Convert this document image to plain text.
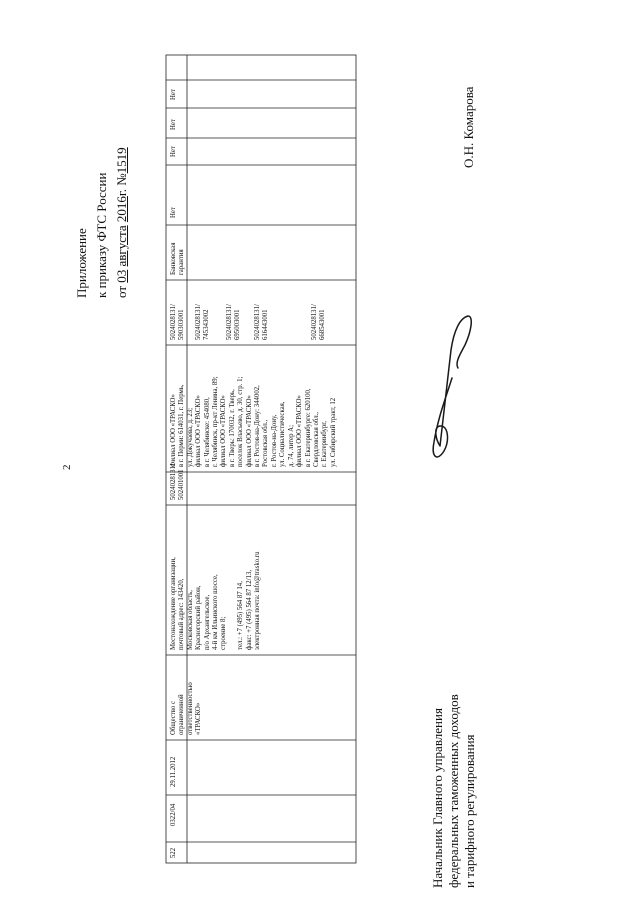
2
Приложение к приказу ФТС России от 03 августа 2016г. №1519
522
0322/04
29.11.2012
Общество с ограниченной ответственностью «ТРАСКО»
Местонахождение организации, почтовый адрес: 143420, Московская область, Красногорский район, п/о Архангельское, 4-й км Ильинского шоссе, строение 8;
тел.: +7 (495) 564 87 14, факс: +7 (495) 564 87 12/13, электронная почта: info@trasko.ru
5024028131/ 502401001
Филиал ООО «ТРАСКО» в г. Перми: 614031, г. Пермь, ул. Докучаева, д. 23; филиал ООО «ТРАСКО» в г. Челябинске: 454080, г. Челябинск, пр-кт Ленина, 89; филиал ООО «ТРАСКО» в г. Тверь: 170032, г. Тверь, поселок Власьево, д. 30, стр. 1; филиал ООО «ТРАСКО» в г. Ростов-на-Дону: 344002, Ростовская обл., г. Ростов-на-Дону, ул. Социалистическая, д. 74, литер А; филиал ООО «ТРАСКО» в г. Екатеринбурге: 620100, Свердловская обл., г. Екатеринбург, ул. Сибирский тракт, 12
5024028131/ 590303001 5024028131/ 745343002 5024028131/ 695003001 5024028131/ 616443001	5024028131/ 668543001
Банковская гарантия
Нет
Нет
Нет
Нет
Начальник Главного управления федеральных таможенных доходов и тарифного регулирования
О.Н. Комарова
